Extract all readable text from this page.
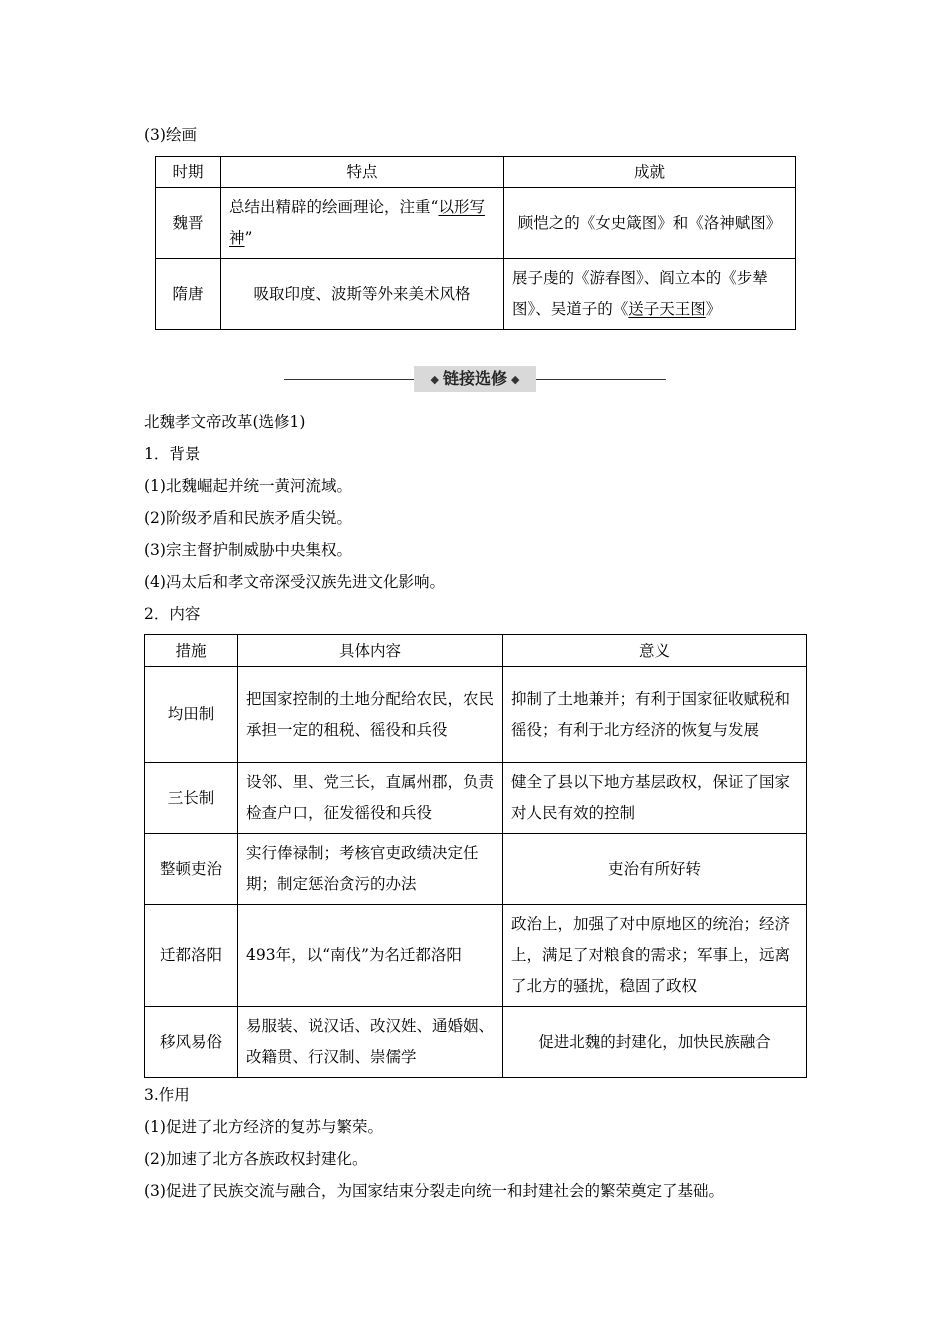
(3)绘画
时期	特点	成就
魏晋	总结出精辟的绘画理论，注重“以形写神”	顾恺之的《女史箴图》和《洛神赋图》
隋唐	吸取印度、波斯等外来美术风格	展子虔的《游春图》、阎立本的《步辇图》、吴道子的《送子天王图》
◆ 链接选修 ◆
北魏孝文帝改革(选修1)
1．背景
(1)北魏崛起并统一黄河流域。
(2)阶级矛盾和民族矛盾尖锐。
(3)宗主督护制威胁中央集权。
(4)冯太后和孝文帝深受汉族先进文化影响。
2．内容
措施	具体内容	意义
均田制	把国家控制的土地分配给农民，农民承担一定的租税、徭役和兵役	抑制了土地兼并；有利于国家征收赋税和徭役；有利于北方经济的恢复与发展
三长制	设邻、里、党三长，直属州郡，负责检查户口，征发徭役和兵役	健全了县以下地方基层政权，保证了国家对人民有效的控制
整顿吏治	实行俸禄制；考核官吏政绩决定任期；制定惩治贪污的办法	吏治有所好转
迁都洛阳	493年，以“南伐”为名迁都洛阳	政治上，加强了对中原地区的统治；经济上，满足了对粮食的需求；军事上，远离了北方的骚扰，稳固了政权
移风易俗	易服装、说汉话、改汉姓、通婚姻、改籍贯、行汉制、崇儒学	促进北魏的封建化，加快民族融合
3.作用
(1)促进了北方经济的复苏与繁荣。
(2)加速了北方各族政权封建化。
(3)促进了民族交流与融合，为国家结束分裂走向统一和封建社会的繁荣奠定了基础。
